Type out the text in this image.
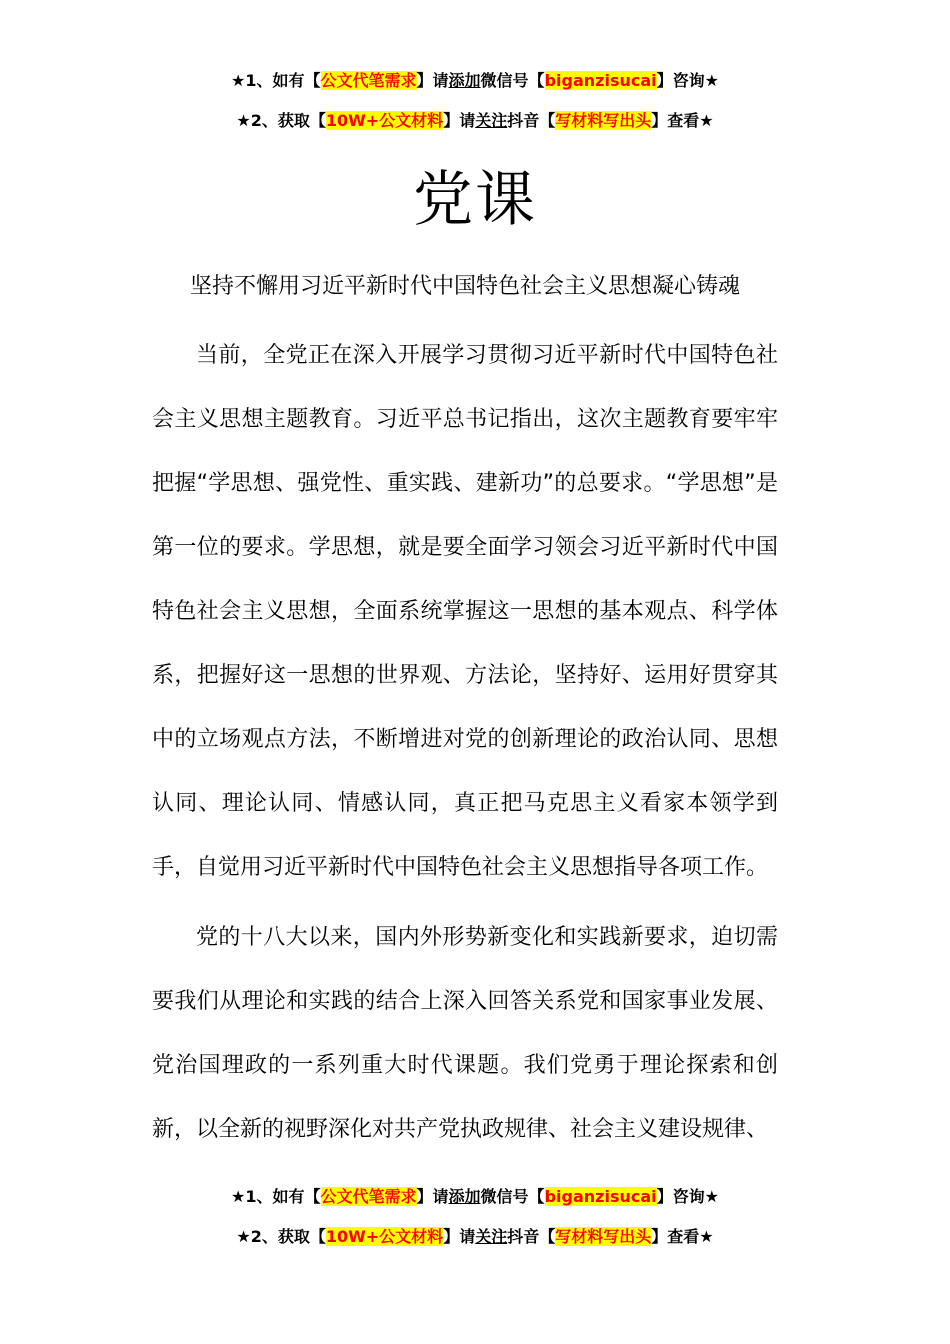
★1、如有【公文代笔需求】请添加微信号【biganzisucai】咨询★
★2、获取【10W+公文材料】请关注抖音【写材料写出头】查看★
党课
坚持不懈用习近平新时代中国特色社会主义思想凝心铸魂

当前，全党正在深入开展学习贯彻习近平新时代中国特色社会主义思想主题教育。习近平总书记指出，这次主题教育要牢牢把握“学思想、强党性、重实践、建新功”的总要求。“学思想”是第一位的要求。学思想，就是要全面学习领会习近平新时代中国特色社会主义思想，全面系统掌握这一思想的基本观点、科学体系，把握好这一思想的世界观、方法论，坚持好、运用好贯穿其中的立场观点方法，不断增进对党的创新理论的政治认同、思想认同、理论认同、情感认同，真正把马克思主义看家本领学到手，自觉用习近平新时代中国特色社会主义思想指导各项工作。

党的十八大以来，国内外形势新变化和实践新要求，迫切需要我们从理论和实践的结合上深入回答关系党和国家事业发展、党治国理政的一系列重大时代课题。我们党勇于理论探索和创新，以全新的视野深化对共产党执政规律、社会主义建设规律、

★1、如有【公文代笔需求】请添加微信号【biganzisucai】咨询★
★2、获取【10W+公文材料】请关注抖音【写材料写出头】查看★
